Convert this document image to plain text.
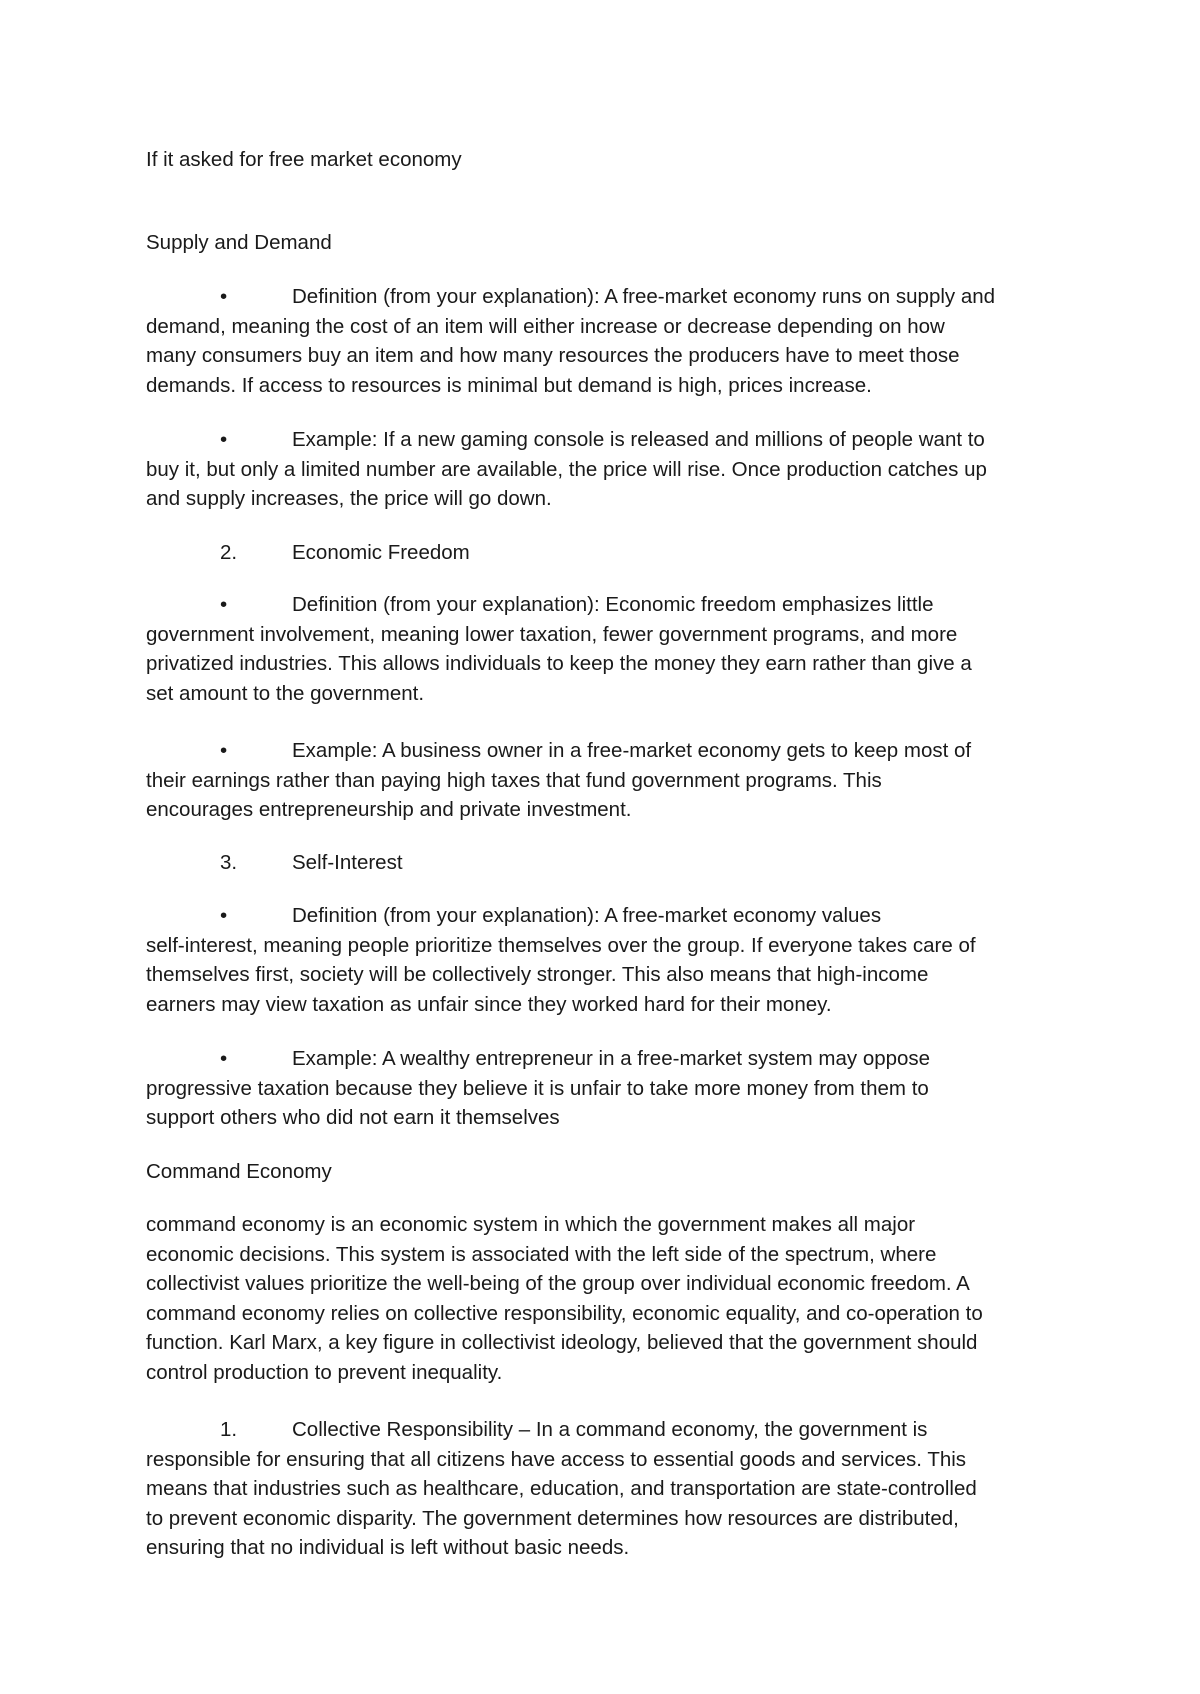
If it asked for free market economy

Supply and Demand

•	Definition (from your explanation): A free-market economy runs on supply and
demand, meaning the cost of an item will either increase or decrease depending on how
many consumers buy an item and how many resources the producers have to meet those
demands. If access to resources is minimal but demand is high, prices increase.
•	Example: If a new gaming console is released and millions of people want to
buy it, but only a limited number are available, the price will rise. Once production catches up
and supply increases, the price will go down.
2.	Economic Freedom
•	Definition (from your explanation): Economic freedom emphasizes little
government involvement, meaning lower taxation, fewer government programs, and more
privatized industries. This allows individuals to keep the money they earn rather than give a
set amount to the government.
•	Example: A business owner in a free-market economy gets to keep most of
their earnings rather than paying high taxes that fund government programs. This
encourages entrepreneurship and private investment.
3.	Self-Interest
•	Definition (from your explanation): A free-market economy values
self-interest, meaning people prioritize themselves over the group. If everyone takes care of
themselves first, society will be collectively stronger. This also means that high-income
earners may view taxation as unfair since they worked hard for their money.
•	Example: A wealthy entrepreneur in a free-market system may oppose
progressive taxation because they believe it is unfair to take more money from them to
support others who did not earn it themselves

Command Economy

command economy is an economic system in which the government makes all major
economic decisions. This system is associated with the left side of the spectrum, where
collectivist values prioritize the well-being of the group over individual economic freedom. A
command economy relies on collective responsibility, economic equality, and co-operation to
function. Karl Marx, a key figure in collectivist ideology, believed that the government should
control production to prevent inequality.
1.	Collective Responsibility – In a command economy, the government is
responsible for ensuring that all citizens have access to essential goods and services. This
means that industries such as healthcare, education, and transportation are state-controlled
to prevent economic disparity. The government determines how resources are distributed,
ensuring that no individual is left without basic needs.
